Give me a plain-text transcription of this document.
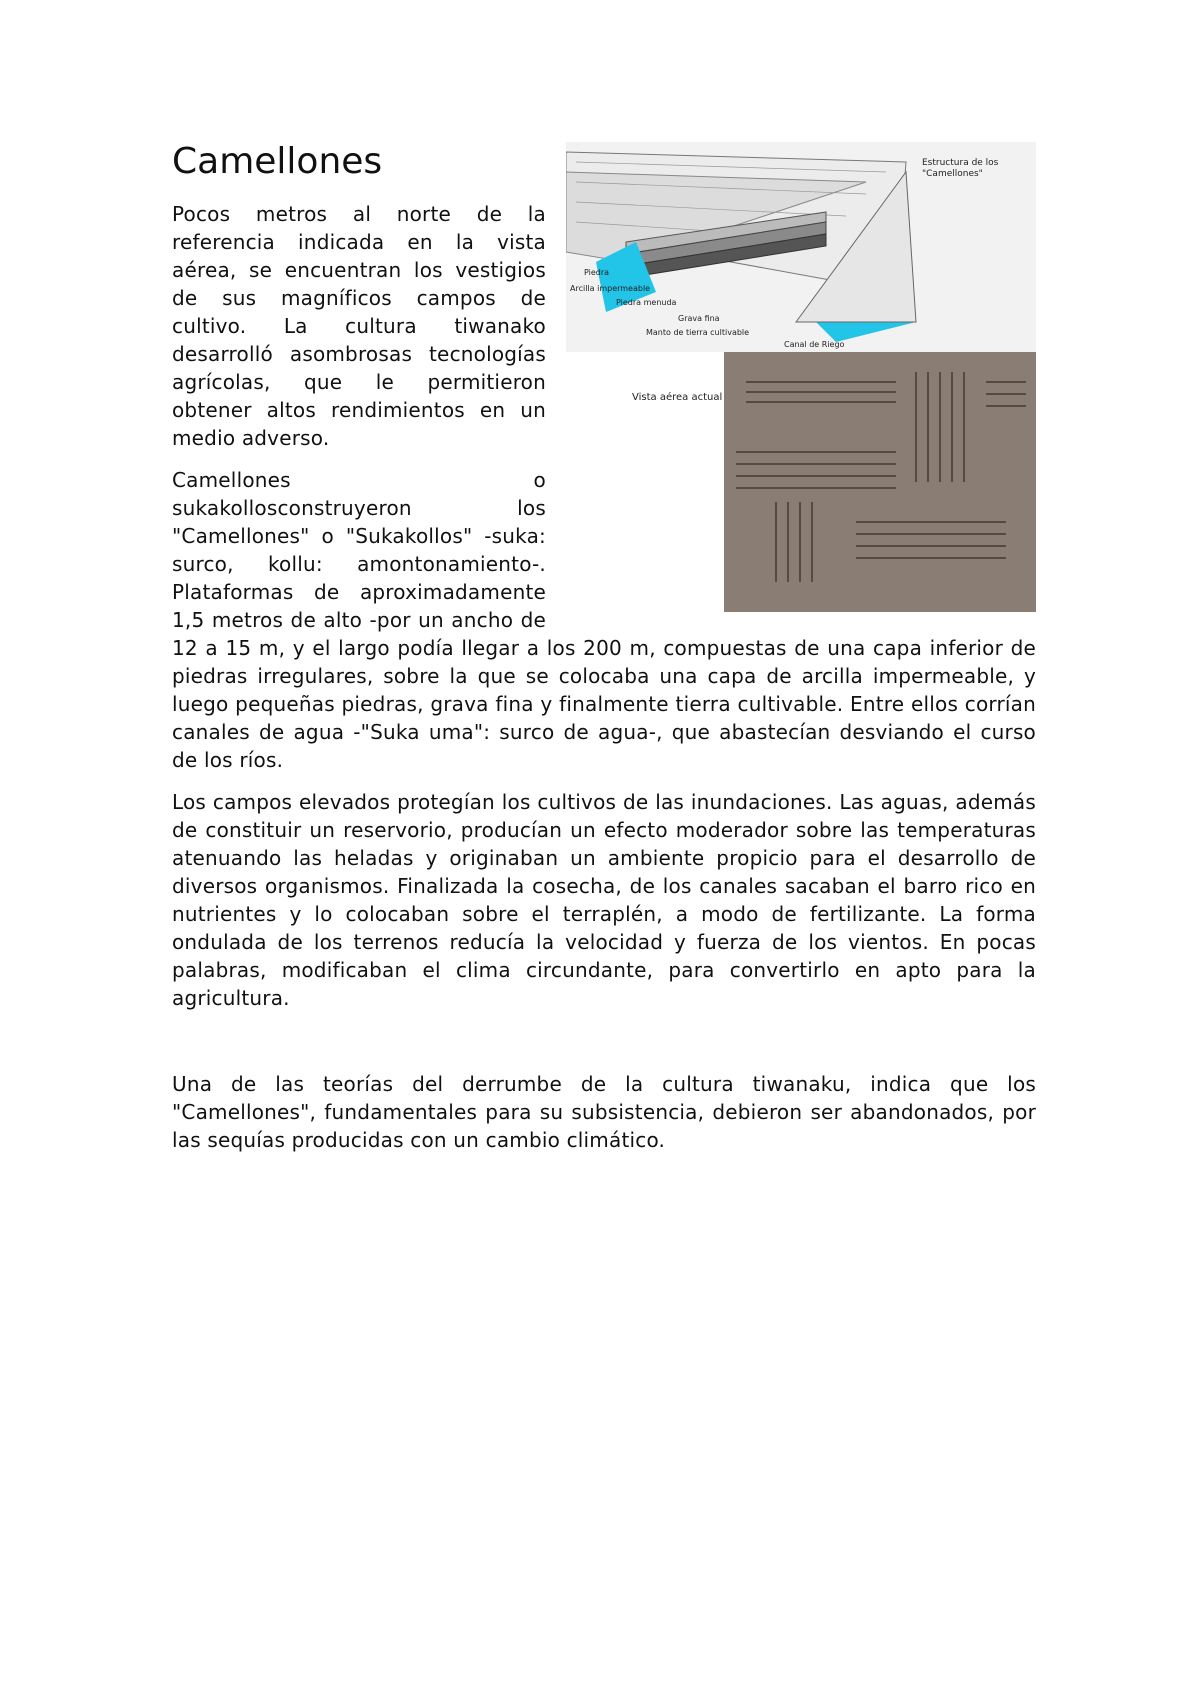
Estructura de los "Camellones"
Piedra
Arcilla impermeable
Piedra menuda
Grava fina
Manto de tierra cultivable
Canal de Riego
Vista aérea actual
Camellones

Pocos metros al norte de la referencia indicada en la vista aérea, se encuentran los vestigios de sus magníficos campos de cultivo. La cultura tiwanako desarrolló asombrosas tecnologías agrícolas, que le permitieron obtener altos rendimientos en un medio adverso.

Camellones o sukakollosconstruyeron los "Camellones" o "Sukakollos" -suka: surco, kollu: amontonamiento-. Plataformas de aproximadamente 1,5 metros de alto -por un ancho de 12 a 15 m, y el largo podía llegar a los 200 m, compuestas de una capa inferior de piedras irregulares, sobre la que se colocaba una capa de arcilla impermeable, y luego pequeñas piedras, grava fina y finalmente tierra cultivable. Entre ellos corrían canales de agua -"Suka uma": surco de agua-, que abastecían desviando el curso de los ríos.

Los campos elevados protegían los cultivos de las inundaciones. Las aguas, además de constituir un reservorio, producían un efecto moderador sobre las temperaturas atenuando las heladas y originaban un ambiente propicio para el desarrollo de diversos organismos. Finalizada la cosecha, de los canales sacaban el barro rico en nutrientes y lo colocaban sobre el terraplén, a modo de fertilizante. La forma ondulada de los terrenos reducía la velocidad y fuerza de los vientos. En pocas palabras, modificaban el clima circundante, para convertirlo en apto para la agricultura.

Una de las teorías del derrumbe de la cultura tiwanaku, indica que los "Camellones", fundamentales para su subsistencia, debieron ser abandonados, por las sequías producidas con un cambio climático.
